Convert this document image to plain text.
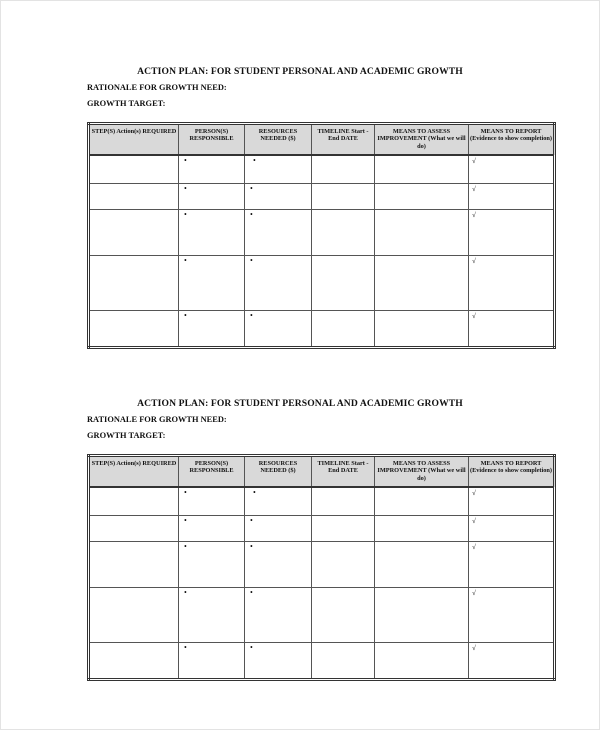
ACTION PLAN: FOR STUDENT PERSONAL AND ACADEMIC GROWTH
RATIONALE FOR GROWTH NEED:
GROWTH TARGET:
STEP(S) Action(s) REQUIRED	PERSON(S) RESPONSIBLE	RESOURCES NEEDED ($)	TIMELINE Start - End DATE	MEANS TO ASSESS IMPROVEMENT (What we will do)	MEANS TO REPORT (Evidence to show completion)
	•	•			√
	•	•			√
	•	•			√
	•	•			√
	•	•			√
ACTION PLAN: FOR STUDENT PERSONAL AND ACADEMIC GROWTH
RATIONALE FOR GROWTH NEED:
GROWTH TARGET:
STEP(S) Action(s) REQUIRED	PERSON(S) RESPONSIBLE	RESOURCES NEEDED ($)	TIMELINE Start - End DATE	MEANS TO ASSESS IMPROVEMENT (What we will do)	MEANS TO REPORT (Evidence to show completion)
	•	•			√
	•	•			√
	•	•			√
	•	•			√
	•	•			√
